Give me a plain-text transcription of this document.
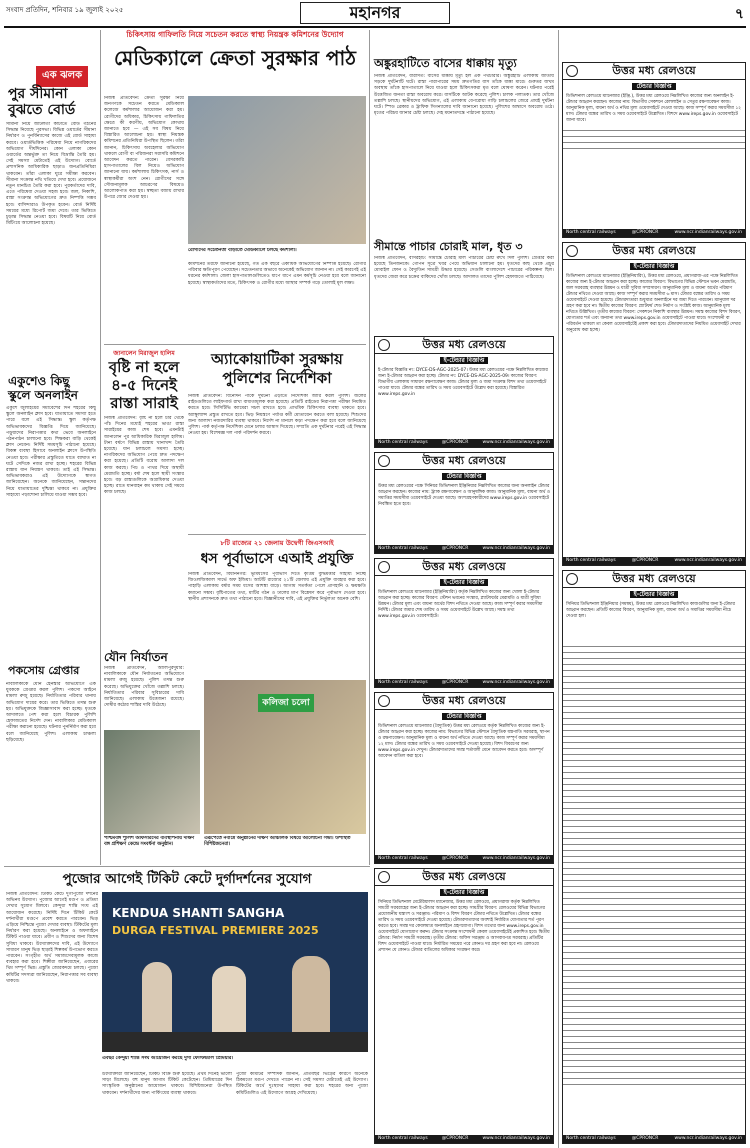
সংবাদ প্রতিদিন, শনিবার ১৯ জুলাই ২০২৫	মহানগর	৭
এক ঝলক
পুর সীমানা
বুঝতে বোর্ড
সীমানা নিয়ে জটিলতা কাটাতে বোর্ড গঠনের সিদ্ধান্ত নিয়েছে পুরসভা। বিভিন্ন ওয়ার্ডের সীমানা নির্ধারণ ও পুনর্বিন্যাসের কাজে এই বোর্ড সাহায্য করবে। ওয়ার্ডভিত্তিক পরিষেবা নিয়ে নাগরিকদের অভিযোগ দীর্ঘদিনের। কোন এলাকা কোন ওয়ার্ডের অন্তর্ভুক্ত তা নিয়ে বিভ্রান্তি তৈরি হয়। সেই সমস্যা মেটাতেই এই উদ্যোগ। বোর্ডে প্রশাসনিক আধিকারিক ছাড়াও জনপ্রতিনিধিরা থাকবেন। তাঁরা এলাকা ঘুরে সমীক্ষা করবেন। সীমানা সংক্রান্ত নথি খতিয়ে দেখা হবে। প্রয়োজনে নতুন মানচিত্র তৈরি করা হবে। পুরকর্তাদের দাবি, এতে পরিষেবা দেওয়া সহজ হবে। জল, নিকাশি, রাস্তা সংক্রান্ত অভিযোগের দ্রুত নিষ্পত্তি সম্ভব হবে। বাসিন্দারাও উপকৃত হবেন। বোর্ড নির্দিষ্ট সময়ের মধ্যে রিপোর্ট জমা দেবে। তার ভিত্তিতে চূড়ান্ত সিদ্ধান্ত নেওয়া হবে। বিষয়টি নিয়ে বোর্ড মিটিংয়ে আলোচনা হয়েছে।
একুশেও কিছু
স্কুলে অনলাইন
একুশে জুলাইয়ের সমাবেশের দিন শহরের কিছু স্কুলে অনলাইন ক্লাস হবে। যাতায়াতে সমস্যা হতে পারে বলে এই সিদ্ধান্ত। স্কুল কর্তৃপক্ষ অভিভাবকদের বিজ্ঞপ্তি দিয়ে জানিয়েছে। পড়ুয়াদের নিরাপত্তার কথা ভেবে অনলাইনে পঠনপাঠন চালানো হবে। শিক্ষকরা বাড়ি থেকেই ক্লাস নেবেন। নির্দিষ্ট সময়সূচি পাঠানো হয়েছে। বিকল্প ব্যবস্থা হিসাবে অনলাইন ক্লাসে উপস্থিতি নেওয়া হবে। পরীক্ষার প্রস্তুতিতে যাতে ব্যাঘাত না ঘটে সেদিকে নজর রাখা হচ্ছে। শহরের বিভিন্ন রাস্তায় যান নিয়ন্ত্রণ থাকবে। তাই এই সিদ্ধান্ত। অভিভাবকরাও এই উদ্যোগকে স্বাগত জানিয়েছেন। অনেকে জানিয়েছেন, সন্তানদের নিয়ে যাতায়াতের দুশ্চিন্তা থাকবে না। প্রযুক্তির সাহায্যে পড়াশোনা চালিয়ে যাওয়া সম্ভব হবে।
পকসোয় গ্রেপ্তার
নাবালিকাকে যৌন হেনস্তার অভিযোগে এক যুবককে গ্রেপ্তার করল পুলিশ। পকসো আইনে মামলা রুজু হয়েছে। নির্যাতিতার পরিবার থানায় অভিযোগ দায়ের করে। তার ভিত্তিতে তদন্ত শুরু হয়। অভিযুক্তকে জিজ্ঞাসাবাদ করা হচ্ছে। ধৃতকে আদালতে পেশ করা হলে বিচারক পুলিশি হেফাজতের নির্দেশ দেন। নাবালিকার মেডিক্যাল পরীক্ষা করানো হয়েছে। ঘটনার পুনর্নির্মাণ করা হবে বলে জানিয়েছে পুলিশ। এলাকায় চাঞ্চল্য ছড়িয়েছে।
চিকিৎসায় গাফিলতি নিয়ে সচেতন করতে স্বাস্থ্য নিয়ন্ত্রক কমিশনের উদ্যোগ
মেডিক্যালে ক্রেতা সুরক্ষার পাঠ
নিজস্ব প্রতিবেদন: ক্রেতা সুরক্ষা নিয়ে জনগণকে সচেতন করতে মেডিক্যাল কলেজে কর্মশালার আয়োজন করা হয়। রোগীদের অধিকার, চিকিৎসায় গাফিলতির ক্ষেত্রে কী করণীয়, অভিযোগ কোথায় জানাতে হবে — এই সব বিষয় নিয়ে বিস্তারিত আলোচনা হয়। স্বাস্থ্য নিয়ন্ত্রক কমিশনের প্রতিনিধিরা উপস্থিত ছিলেন। তাঁরা জানান, চিকিৎসায় অবহেলার অভিযোগ থাকলে রোগী বা পরিজনরা সরাসরি কমিশনে আবেদন করতে পারেন। বেসরকারি হাসপাতালের বিল নিয়েও অভিযোগ জানানো যায়। কর্মশালায় চিকিৎসক, নার্স ও স্বাস্থ্যকর্মীরা অংশ নেন। রোগীদের সঙ্গে সৌজন্যমূলক আচরণের বিষয়েও আলোকপাত করা হয়। স্বচ্ছতা বজায় রাখার উপরে জোর দেওয়া হয়।
রোগীদের সচেতনতা বাড়াতে মেডিক্যালে চলছে কর্মশালা।
কমিশনের তরফে জানানো হয়েছে, গত এক বছরে একাধিক অভিযোগের নিষ্পত্তি হয়েছে। রোগীর পরিবার ক্ষতিপূরণ পেয়েছেন। সচেতনতার অভাবে অনেকেই অভিযোগ জানান না। সেই কারণেই এই ধরনের কর্মশালা। জেলা হাসপাতালগুলিতেও ধাপে ধাপে এমন কর্মসূচি নেওয়া হবে বলে জানানো হয়েছে। স্বাস্থ্যকর্তাদের মতে, চিকিৎসক ও রোগীর মধ্যে আস্থার সম্পর্ক গড়ে তোলাই মূল লক্ষ্য।
জানালেন মিরাজুল হালিম
বৃষ্টি না হলে
৪-৫ দিনেই
রাস্তা সারাই
নিজস্ব প্রতিবেদন: বৃষ্টি না হলে চার থেকে পাঁচ দিনের মধ্যেই শহরের ভাঙা রাস্তা সারাইয়ের কাজ শেষ হবে। এমনটাই জানালেন পুর আধিকারিক মিরাজুল হালিম। টানা বর্ষণে বিভিন্ন রাস্তায় খানাখন্দ তৈরি হয়েছে। যান চলাচলে সমস্যা হচ্ছে। নাগরিকদের অভিযোগ পেয়ে দ্রুত পদক্ষেপ করা হয়েছে। প্রতিটি বরোয় আলাদা দল কাজ করছে। পিচ ও পাথর দিয়ে অস্থায়ী মেরামতি হচ্ছে। বর্ষা শেষ হলে স্থায়ী সংস্কার হবে। বড় রাস্তাগুলিকে অগ্রাধিকার দেওয়া হচ্ছে। রাতে যানবাহন কম থাকায় সেই সময়ে কাজ চলছে।
অ্যাকোয়াটিকা সুরক্ষায়
পুলিশের নির্দেশিকা
নিজস্ব প্রতিবেদন: বিনোদন পার্কে দুর্ঘটনা এড়াতে নির্দেশিকা জারি করল পুলিশ। জলের রাইডগুলিতে লাইফগার্ড রাখা বাধ্যতামূলক করা হয়েছে। প্রতিটি রাইডের নিরাপত্তা পরীক্ষা নিয়মিত করতে হবে। সিসিটিভি ক্যামেরা সচল রাখতে হবে। প্রাথমিক চিকিৎসার ব্যবস্থা থাকতে হবে। অ্যাম্বুল্যান্স প্রস্তুত রাখতে হবে। ভিড় নিয়ন্ত্রণে পর্যাপ্ত কর্মী মোতায়েন করতে বলা হয়েছে। শিশুদের জন্য আলাদা নজরদারির ব্যবস্থা থাকবে। নির্দেশ না মানলে কড়া পদক্ষেপ করা হবে বলে জানিয়েছে পুলিশ। পার্ক কর্তৃপক্ষ নির্দেশিকা মেনে চলার আশ্বাস দিয়েছে। সম্প্রতি এক দুর্ঘটনার পরেই এই সিদ্ধান্ত নেওয়া হয়। বিশেষজ্ঞ দল পার্ক পরিদর্শন করবে।
৮টি রাজ্যের ২১ জেলায় উদ্বেগী জিএসআই
ধস পূর্বাভাসে এআই প্রযুক্তি
নিজস্ব প্রতিবেদন, বিধাননগর: ভূমিধসের পূর্বাভাস দিতে কৃত্রিম বুদ্ধিমত্তার সাহায্য নিচ্ছে জিওলজিক্যাল সার্ভে অফ ইন্ডিয়া। আটটি রাজ্যের ২১টি জেলায় এই প্রযুক্তি ব্যবহার করা হবে। পাহাড়ি এলাকায় বর্ষার সময় ধসের আশঙ্কা বাড়ে। আগাম সতর্কতা পেলে প্রাণহানি ও ক্ষয়ক্ষতি কমানো সম্ভব। বৃষ্টিপাতের তথ্য, মাটির গঠন ও ঢালের মাপ বিশ্লেষণ করে পূর্বাভাস দেওয়া হবে। স্থানীয় প্রশাসনকে দ্রুত তথ্য পাঠানো হবে। বিজ্ঞানীদের দাবি, এই প্রযুক্তির নির্ভুলতা অনেক বেশি।
যৌন নির্যাতন
নিজস্ব প্রতিবেদন, আলিপুরদুয়ার: নাবালিকাকে যৌন নির্যাতনের অভিযোগে মামলা রুজু হয়েছে। পুলিশ তদন্ত শুরু করেছে। অভিযুক্তের খোঁজে তল্লাশি চলছে। নির্যাতিতার পরিবার সুবিচারের দাবি জানিয়েছে। এলাকায় উত্তেজনা রয়েছে। দোষীর কঠোর শাস্তির দাবি উঠেছে।
পশ্চিমবঙ্গ পুলিশ অফিসারদের ব্যবস্থাপনায় দক্ষিণ বঙ্গ প্রশিক্ষণ কেন্দ্রে সংবর্ধনা অনুষ্ঠান।
কলিজা চলো
এরূপেতে নবান্নে অনুষ্ঠানের দক্ষিণ আঞ্চলিক বিষয়ে আলোচনা সভা। উপস্থিত বিশিষ্টজনেরা।
অঙ্কুরহাটিতে বাসের ধাক্কায় মৃত্যু
নিজস্ব প্রতিবেদন, বারাসত: বাসের ধাক্কায় মৃত্যু হল এক পথচারীর। অঙ্কুরহাটি এলাকায় জাতীয় সড়কে দুর্ঘটনাটি ঘটে। রাস্তা পারাপারের সময় দ্রুতগতির বাস তাঁকে ধাক্কা মারে। গুরুতর জখম অবস্থায় তাঁকে হাসপাতালে নিয়ে যাওয়া হলে চিকিৎসকরা মৃত বলে ঘোষণা করেন। ঘটনার পরেই উত্তেজিত জনতা রাস্তা অবরোধ করে। বাসটিকে আটক করেছে পুলিশ। চালক পলাতক। তার খোঁজে তল্লাশি চলছে। স্থানীয়দের অভিযোগ, এই এলাকায় বেপরোয়া গাড়ি চলাচলের জেরে প্রায়ই দুর্ঘটনা ঘটে। স্পিড ব্রেকার ও ট্রাফিক সিগন্যালের দাবি জানানো হয়েছে। পুলিশের আশ্বাসে অবরোধ ওঠে। মৃতের পরিচয় জানার চেষ্টা চলছে। দেহ ময়নাতদন্তে পাঠানো হয়েছে।
সীমান্তে পাচার চোরাই মাল, ধৃত ৩
নিজস্ব প্রতিবেদন, বসিরহাট: সীমান্তে চোরাই মাল পাচারের চেষ্টা রুখে দিল পুলিশ। গ্রেপ্তার করা হয়েছে তিনজনকে। গোপন সূত্রে খবর পেয়ে অভিযান চালানো হয়। ধৃতদের কাছ থেকে প্রচুর মোবাইল ফোন ও বৈদ্যুতিন সামগ্রী উদ্ধার হয়েছে। সেগুলি বাংলাদেশে পাচারের পরিকল্পনা ছিল। ধৃতদের জেরা করে চক্রের বাকিদের খোঁজ চলছে। আদালত তাদের পুলিশ হেফাজতে পাঠিয়েছে।
উত্তর মধ্য রেলওয়ে
ই-টেন্ডার বিজ্ঞপ্তি
ই-টেন্ডার বিজ্ঞপ্তি নং: DYCE-DS-AGC-2025-07। উত্তর মধ্য রেলওয়ের পক্ষে নিম্নলিখিত কাজের জন্য ই-টেন্ডার আহ্বান করা হচ্ছে। টেন্ডার নং: DYCE-DS-AGC-2025-09। কাজের বিবরণ: বিভাগীয় এলাকায় সাধারণ রক্ষণাবেক্ষণ কাজ। টেন্ডার মূল্য ও জমা সংক্রান্ত বিশদ তথ্য ওয়েবসাইটে পাওয়া যাবে। টেন্ডার বন্ধের তারিখ ও সময় ওয়েবসাইটে উল্লেখ করা হয়েছে। বিস্তারিত www.ireps.gov.in
North central railways	@CPRONCR	www.ncr.indianrailways.gov.in
উত্তর মধ্য রেলওয়ে
টেন্ডার বিজ্ঞপ্তি
উত্তর মধ্য রেলওয়ের পক্ষে সিনিয়র ডিভিশনাল ইঞ্জিনিয়ার নিম্নলিখিত কাজের জন্য অনলাইন টেন্ডার আহ্বান করছেন। কাজের নাম: ট্র্যাক রক্ষণাবেক্ষণ ও আনুষঙ্গিক কাজ। আনুমানিক মূল্য, বায়না অর্থ ও সমাপ্তির সময়সীমা ওয়েবসাইটে দেওয়া আছে। অংশগ্রহণকারীদের www.ireps.gov.in ওয়েবসাইটে নিবন্ধিত হতে হবে।
North central railways	@CPRONCR	www.ncr.indianrailways.gov.in
উত্তর মধ্য রেলওয়ে
ই-টেন্ডার বিজ্ঞপ্তি
ডিভিশনাল রেলওয়ে ম্যানেজার (ইঞ্জিনিয়ারিং) কর্তৃক নিম্নলিখিত কাজের জন্য খোলা ই-টেন্ডার আহ্বান করা হচ্ছে। কাজের বিবরণ: স্টেশন ভবনের সংস্কার, প্ল্যাটফর্মের মেরামতি ও যাত্রী সুবিধা উন্নয়ন। টেন্ডার মূল্য এবং বায়না অর্থের বিশদ নথিতে দেওয়া আছে। কাজ সম্পূর্ণ করার সময়সীমা নির্দিষ্ট। টেন্ডার জমার শেষ তারিখ ও সময় ওয়েবসাইটে উল্লেখ আছে। সমস্ত তথ্য www.ireps.gov.in ওয়েবসাইটে।
North central railways	@CPRONCR	www.ncr.indianrailways.gov.in
উত্তর মধ্য রেলওয়ে
টেন্ডার বিজ্ঞপ্তি
ডিভিশনাল রেলওয়ে ম্যানেজার (বৈদ্যুতিক) উত্তর মধ্য রেলওয়ে কর্তৃক নিম্নলিখিত কাজের জন্য ই-টেন্ডার আহ্বান করা হচ্ছে। কাজের নাম: বিভাগের বিভিন্ন স্টেশনে বৈদ্যুতিক যন্ত্রপাতি সরবরাহ, স্থাপন ও রক্ষণাবেক্ষণ। আনুমানিক মূল্য ও বায়না অর্থ নথিতে দেওয়া আছে। কাজ সম্পূর্ণ করার সময়সীমা ১২ মাস। টেন্ডার বন্ধের তারিখ ও সময় ওয়েবসাইটে দেওয়া হয়েছে। বিশদ বিবরণের জন্য www.ireps.gov.in দেখুন। টেন্ডারদাতাদের সমস্ত শর্তাবলী মেনে আবেদন করতে হবে। অসম্পূর্ণ আবেদন বাতিল করা হবে।
North central railways	@CPRONCR	www.ncr.indianrailways.gov.in
উত্তর মধ্য রেলওয়ে
টেন্ডার বিজ্ঞপ্তি
ডিভিশনাল রেলওয়ে ম্যানেজার (ইঞ্জি.), উত্তর মধ্য রেলওয়ে নিম্নলিখিত কাজের জন্য অনলাইন ই-টেন্ডার আহ্বান করছেন। কাজের নাম: বিভাগীয় সেকশনে রেললাইন ও সেতুর রক্ষণাবেক্ষণ কাজ। আনুমানিক মূল্য, বায়না অর্থ ও নথির মূল্য ওয়েবসাইটে দেওয়া আছে। কাজ সম্পূর্ণ করার সময়সীমা ১২ মাস। টেন্ডার বন্ধের তারিখ ও সময় ওয়েবসাইটে উল্লেখিত। বিশদে www.ireps.gov.in ওয়েবসাইটে জানা যাবে।
North central railways	@CPRONCR	www.ncr.indianrailways.gov.in
উত্তর মধ্য রেলওয়ে
ই-টেন্ডার বিজ্ঞপ্তি
ডিভিশনাল রেলওয়ে ম্যানেজার (ইঞ্জিনিয়ারিং), উত্তর মধ্য রেলওয়ে, প্রয়াগরাজ-এর পক্ষে নিম্নলিখিত কাজের জন্য ই-টেন্ডার আহ্বান করা হচ্ছে। কাজের বিবরণ: বিভাগের বিভিন্ন স্টেশনে ভবন মেরামতি, জল সরবরাহ ব্যবস্থার উন্নয়ন ও যাত্রী সুবিধা সম্প্রসারণ। আনুমানিক মূল্য ও বায়না অর্থের পরিমাণ টেন্ডার নথিতে দেওয়া আছে। কাজ সম্পূর্ণ করার সময়সীমা ৬ মাস। টেন্ডার বন্ধের তারিখ ও সময় ওয়েবসাইটে দেওয়া হয়েছে। টেন্ডারদাতারা শুধুমাত্র অনলাইনে দর জমা দিতে পারবেন। ম্যানুয়াল দর গ্রহণ করা হবে না। দ্বিতীয় কাজের বিবরণ: প্ল্যাটফর্ম শেড নির্মাণ ও সংশ্লিষ্ট কাজ। আনুমানিক মূল্য নথিতে উল্লিখিত। তৃতীয় কাজের বিবরণ: সেকশনে নিকাশি ব্যবস্থার উন্নয়ন। সমস্ত কাজের বিশদ বিবরণ, যোগ্যতার শর্ত এবং অন্যান্য তথ্য www.ireps.gov.in ওয়েবসাইটে পাওয়া যাবে। সংশোধনী বা পরিবর্তন থাকলে তা কেবল ওয়েবসাইটেই প্রকাশ করা হবে। টেন্ডারদাতাদের নিয়মিত ওয়েবসাইট দেখার অনুরোধ করা হচ্ছে।
North central railways	@CPRONCR	www.ncr.indianrailways.gov.in
উত্তর মধ্য রেলওয়ে
ই-টেন্ডার বিজ্ঞপ্তি
সিনিয়র ডিভিশনাল ইঞ্জিনিয়ার (সমন্বয়), উত্তর মধ্য রেলওয়ে নিম্নলিখিত কাজগুলির জন্য ই-টেন্ডার আহ্বান করছেন। প্রতিটি কাজের বিবরণ, আনুমানিক মূল্য, বায়না অর্থ ও সমাপ্তির সময়সীমা নীচে দেওয়া হল।
North central railways	@CPRONCR	www.ncr.indianrailways.gov.in
উত্তর মধ্য রেলওয়ে
ই-টেন্ডার বিজ্ঞপ্তি
সিনিয়র ডিভিশনাল মেটেরিয়ালস ম্যানেজার, উত্তর মধ্য রেলওয়ে, প্রয়াগরাজ কর্তৃক নিম্নলিখিত সামগ্রী সরবরাহের জন্য ই-টেন্ডার আহ্বান করা হচ্ছে। সামগ্রীর বিবরণ: রেলওয়ের বিভিন্ন বিভাগের প্রয়োজনীয় যন্ত্রাংশ ও সরঞ্জাম। পরিমাণ ও বিশদ বিবরণ টেন্ডার নথিতে উল্লেখিত। টেন্ডার বন্ধের তারিখ ও সময় ওয়েবসাইটে দেওয়া হয়েছে। টেন্ডারদাতাদের অবশ্যই নির্ধারিত যোগ্যতার শর্ত পূরণ করতে হবে। সমস্ত দর কেবলমাত্র অনলাইনে গ্রহণযোগ্য। বিশদ তথ্যের জন্য www.ireps.gov.in ওয়েবসাইটে যোগাযোগ করুন। টেন্ডার সংক্রান্ত সংশোধনী কেবল ওয়েবসাইটেই প্রকাশিত হবে। দ্বিতীয় টেন্ডার: নির্মাণ সামগ্রী সরবরাহ। তৃতীয় টেন্ডার: অফিস সরঞ্জাম ও আসবাবপত্র সরবরাহ। প্রতিটির বিশদ ওয়েবসাইটে পাওয়া যাবে। নির্ধারিত সময়ের পরে কোনও দর গ্রহণ করা হবে না। রেলওয়ে প্রশাসন যে কোনও টেন্ডার বাতিলের অধিকার সংরক্ষণ করে।
North central railways	@CPRONCR	www.ncr.indianrailways.gov.in
পুজোর আগেই টিকিট কেটে দুর্গাদর্শনের সুযোগ
নিজস্ব প্রতিবেদন: টিকিট কেটে দুর্গাপুজো দর্শনের অভিনব উদ্যোগ। পুজোর আগেই মণ্ডপ ও প্রতিমা দেখার সুযোগ মিলবে। কেন্দুয়া শান্তি সংঘ এই আয়োজন করেছে। নির্দিষ্ট দিনে টিকিট কেটে দর্শনার্থীরা মণ্ডপে প্রবেশ করতে পারবেন। ভিড় এড়িয়ে নিশ্চিন্তে পুজো দেখার ব্যবস্থা। টিকিটের মূল্য নির্ধারণ করা হয়েছে। অনলাইনে ও অফলাইনে টিকিট পাওয়া যাবে। প্রবীণ ও শিশুদের জন্য বিশেষ সুবিধা থাকবে। উদ্যোক্তাদের দাবি, এই উদ্যোগে সাধারণ মানুষ ভিড় ছাড়াই শিল্পকর্ম উপভোগ করতে পারবেন। সংগৃহীত অর্থ সমাজসেবামূলক কাজে ব্যবহার করা হবে। শিল্পীরা জানিয়েছেন, এবারের থিম সম্পূর্ণ ভিন্ন। প্রস্তুতি জোরকদমে চলছে। পুজো কমিটির সদস্যরা জানিয়েছেন, নিরাপত্তার সব ব্যবস্থা থাকবে।
KENDUA SHANTI SANGHA
DURGA FESTIVAL PREMIERE 2025
এবছর কেন্দুয়া শান্তি সংঘ আয়োজন করছে দুর্গা ফেস্টিভ্যাল প্রিমিয়ার।
উদ্যোক্তারা জানিয়েছেন, টিকিট বিক্রি শুরু হয়েছে। প্রথম দিনেই ভালো সাড়া মিলেছে। বহু মানুষ আগাম টিকিট কেটেছেন। প্রিমিয়ারের দিন সাংস্কৃতিক অনুষ্ঠানের আয়োজন থাকবে। বিশিষ্টজনেরা উপস্থিত থাকবেন। দর্শনার্থীদের জন্য পার্কিংয়ের ব্যবস্থা থাকবে।
পুজো কমিটির সম্পাদক জানান, প্রতিবছর ভিড়ের কারণে অনেকে ঠিকমতো মণ্ডপ দেখতে পারেন না। সেই সমস্যা মেটাতেই এই উদ্যোগ। টিকিটের অর্থে দুঃস্থদের সাহায্য করা হবে। শহরের অন্য পুজো কমিটিগুলিও এই উদ্যোগে আগ্রহ দেখিয়েছে।
